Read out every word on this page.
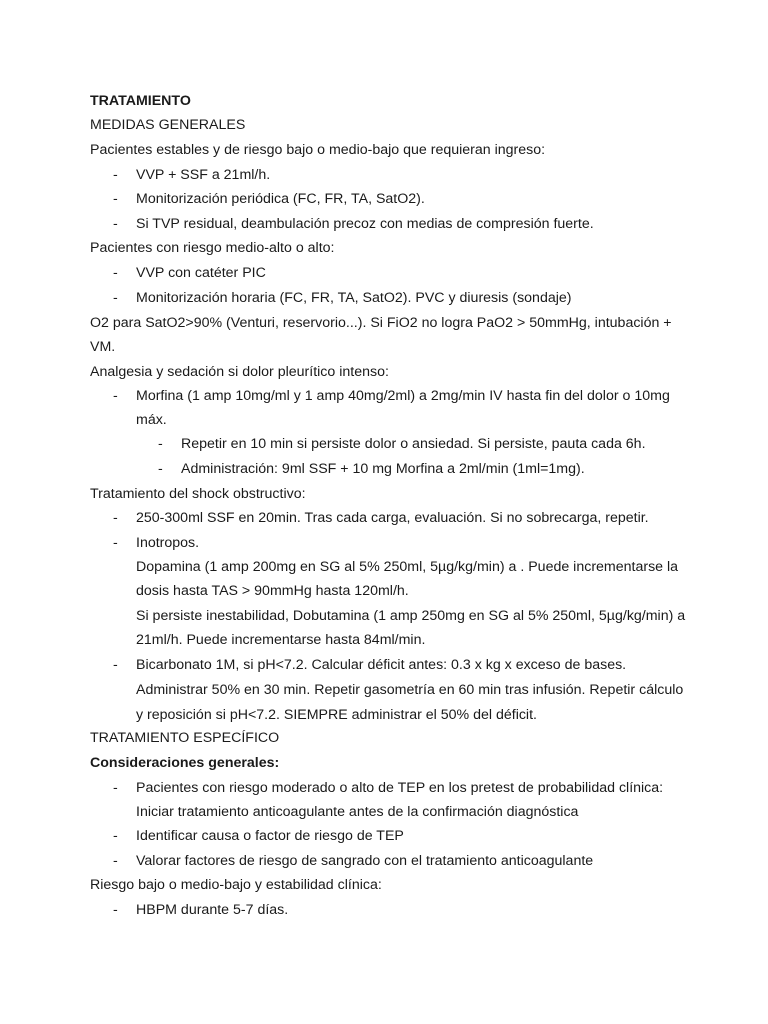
TRATAMIENTO
MEDIDAS GENERALES
Pacientes estables y de riesgo bajo o medio-bajo que requieran ingreso:
- VVP + SSF a 21ml/h.
- Monitorización periódica (FC, FR, TA, SatO2).
- Si TVP residual, deambulación precoz con medias de compresión fuerte.
Pacientes con riesgo medio-alto o alto:
- VVP con catéter PIC
- Monitorización horaria (FC, FR, TA, SatO2). PVC y diuresis (sondaje)
O2 para SatO2>90% (Venturi, reservorio...). Si FiO2 no logra PaO2 > 50mmHg, intubación +
VM.
Analgesia y sedación si dolor pleurítico intenso:
- Morfina (1 amp 10mg/ml y 1 amp 40mg/2ml) a 2mg/min IV hasta fin del dolor o 10mg
máx.
- Repetir en 10 min si persiste dolor o ansiedad. Si persiste, pauta cada 6h.
- Administración: 9ml SSF + 10 mg Morfina a 2ml/min (1ml=1mg).
Tratamiento del shock obstructivo:
- 250-300ml SSF en 20min. Tras cada carga, evaluación. Si no sobrecarga, repetir.
- Inotropos.
Dopamina (1 amp 200mg en SG al 5% 250ml, 5µg/kg/min) a . Puede incrementarse la
dosis hasta TAS > 90mmHg hasta 120ml/h.
Si persiste inestabilidad, Dobutamina (1 amp 250mg en SG al 5% 250ml, 5µg/kg/min) a
21ml/h. Puede incrementarse hasta 84ml/min.
- Bicarbonato 1M, si pH<7.2. Calcular déficit antes: 0.3 x kg x exceso de bases.
Administrar 50% en 30 min. Repetir gasometría en 60 min tras infusión. Repetir cálculo
y reposición si pH<7.2. SIEMPRE administrar el 50% del déficit.
TRATAMIENTO ESPECÍFICO
Consideraciones generales:
- Pacientes con riesgo moderado o alto de TEP en los pretest de probabilidad clínica:
Iniciar tratamiento anticoagulante antes de la confirmación diagnóstica
- Identificar causa o factor de riesgo de TEP
- Valorar factores de riesgo de sangrado con el tratamiento anticoagulante
Riesgo bajo o medio-bajo y estabilidad clínica:
- HBPM durante 5-7 días.
